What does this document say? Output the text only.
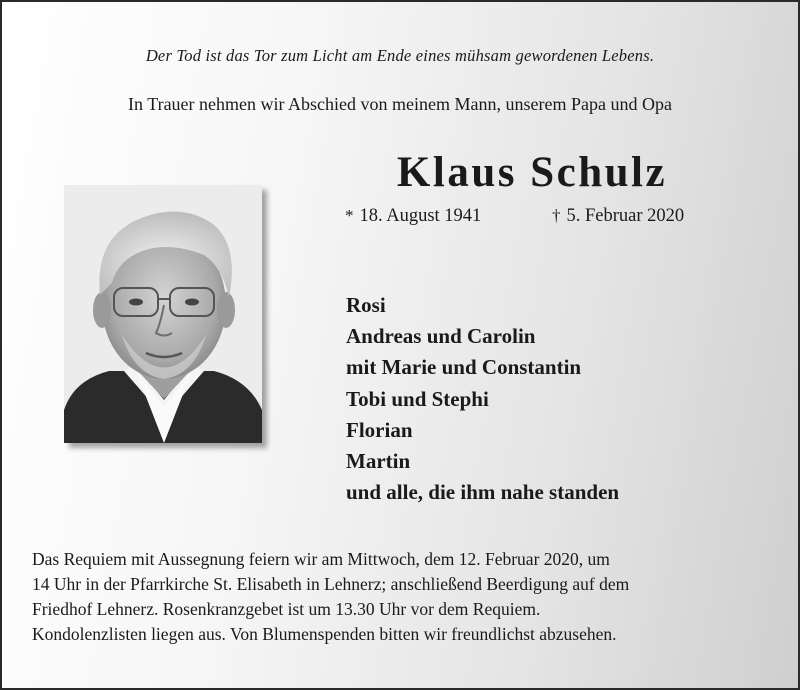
Der Tod ist das Tor zum Licht am Ende eines mühsam gewordenen Lebens.
In Trauer nehmen wir Abschied von meinem Mann, unserem Papa und Opa
Klaus Schulz
* 18. August 1941	† 5. Februar 2020
Rosi
Andreas und Carolin
mit Marie und Constantin
Tobi und Stephi
Florian
Martin
und alle, die ihm nahe standen
Das Requiem mit Aussegnung feiern wir am Mittwoch, dem 12. Februar 2020, um
14 Uhr in der Pfarrkirche St. Elisabeth in Lehnerz; anschließend Beerdigung auf dem
Friedhof Lehnerz. Rosenkranzgebet ist um 13.30 Uhr vor dem Requiem.
Kondolenzlisten liegen aus. Von Blumenspenden bitten wir freundlichst abzusehen.
